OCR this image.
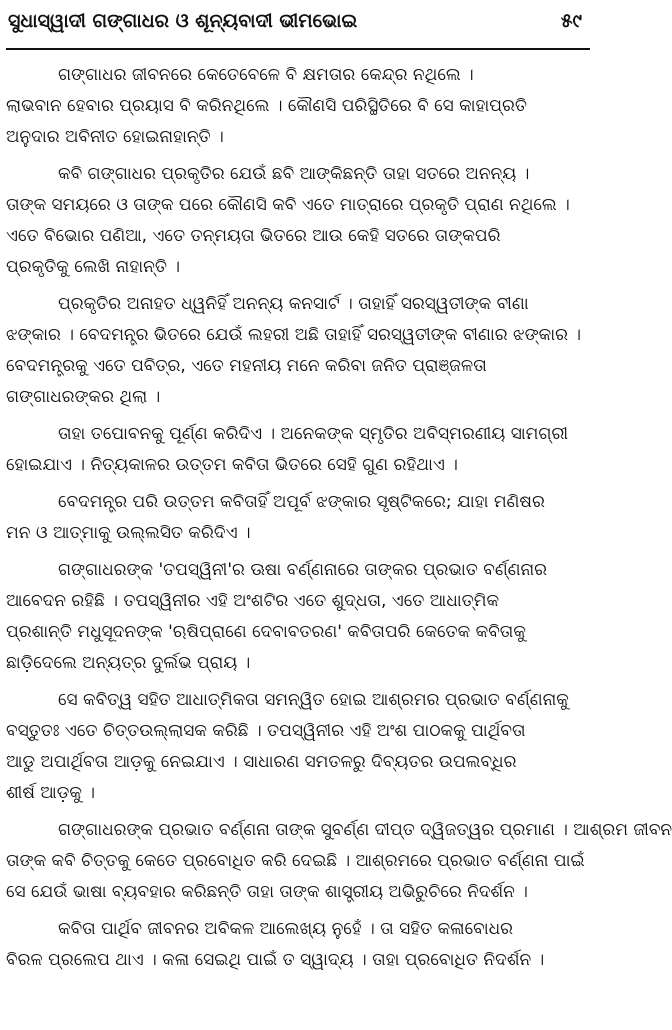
ସୁଧାସ୍ୱାଦୀ ଗଙ୍ଗାଧର ଓ ଶୂନ୍ୟବାଦୀ ଭୀମଭୋଇ	୫୯
ଗଙ୍ଗାଧର ଜୀବନରେ କେତେବେଳେ ବି କ୍ଷମତାର କେନ୍ଦ୍ର ନଥିଲେ ।
ଲାଭବାନ ହେବାର ପ୍ରୟାସ ବି କରିନଥିଲେ । କୌଣସି ପରିସ୍ଥିତିରେ ବି ସେ କାହାପ୍ରତି
ଅନୁଦାର ଅବିନୀତ ହୋଇନାହାନ୍ତି ।
କବି ଗଙ୍ଗାଧର ପ୍ରକୃତିର ଯେଉଁ ଛବି ଆଙ୍କିଛନ୍ତି ତାହା ସତରେ ଅନନ୍ୟ ।
ତାଙ୍କ ସମୟରେ ଓ ତାଙ୍କ ପରେ କୌଣସି କବି ଏତେ ମାତ୍ରାରେ ପ୍ରକୃତି ପ୍ରାଣ ନଥିଲେ ।
ଏତେ ବିଭୋର ପଣିଆ, ଏତେ ତନ୍ମୟତା ଭିତରେ ଆଉ କେହି ସତରେ ତାଙ୍କପରି
ପ୍ରକୃତିକୁ ଲେଖି ନାହାନ୍ତି ।
ପ୍ରକୃତିର ଅନାହତ ଧ୍ୱନିହିଁ ଅନନ୍ୟ କନସାର୍ଟ । ତାହାହିଁ ସରସ୍ୱତୀଙ୍କ ବୀଣା
ଝଙ୍କାର । ବେଦମନ୍ତ୍ର ଭିତରେ ଯେଉଁ ଲହରୀ ଅଛି ତାହାହିଁ ସରସ୍ୱତୀଙ୍କ ବୀଣାର ଝଙ୍କାର ।
ବେଦମନ୍ତ୍ରକୁ ଏତେ ପବିତ୍ର, ଏତେ ମହନୀୟ ମନେ କରିବା ଜନିତ ପ୍ରାଞ୍ଜଳତା
ଗଙ୍ଗାଧରଙ୍କର ଥିଲା ।
ତାହା ତପୋବନକୁ ପୂର୍ଣ୍ଣ କରିଦିଏ । ଅନେକଙ୍କ ସ୍ମୃତିର ଅବିସ୍ମରଣୀୟ ସାମଗ୍ରୀ
ହୋଇଯାଏ । ନିତ୍ୟକାଳର ଉତ୍ତମ କବିତା ଭିତରେ ସେହି ଗୁଣ ରହିଥାଏ ।
ବେଦମନ୍ତ୍ର ପରି ଉତ୍ତମ କବିତାହିଁ ଅପୂର୍ବ ଝଙ୍କାର ସୃଷ୍ଟିକରେ; ଯାହା ମଣିଷର
ମନ ଓ ଆତ୍ମାକୁ ଉଲ୍ଲସିତ କରିଦିଏ ।
ଗଙ୍ଗାଧରଙ୍କ 'ତପସ୍ୱିନୀ'ର ଊଷା ବର୍ଣ୍ଣନାରେ ତାଙ୍କର ପ୍ରଭାତ ବର୍ଣ୍ଣନାର
ଆବେଦନ ରହିଛି । ତପସ୍ୱିନୀର ଏହି ଅଂଶଟିର ଏତେ ଶୁଦ୍ଧତା, ଏତେ ଆଧାତ୍ମିକ
ପ୍ରଶାନ୍ତି ମଧୁସୂଦନଙ୍କ 'ଋଷିପ୍ରାଣେ ଦେବାବତରଣ' କବିତାପରି କେତେକ କବିତାକୁ
ଛାଡ଼ିଦେଲେ ଅନ୍ୟତ୍ର ଦୁର୍ଲଭ ପ୍ରାୟ ।
ସେ କବିତ୍ୱ ସହିତ ଆଧାତ୍ମିକତା ସମନ୍ୱିତ ହୋଇ ଆଶ୍ରମର ପ୍ରଭାତ ବର୍ଣ୍ଣନାକୁ
ବସ୍ତୁତଃ ଏତେ ଚିତ୍ତଉଲ୍ଲାସକ କରିଛି । ତପସ୍ୱିନୀର ଏହି ଅଂଶ ପାଠକକୁ ପାର୍ଥିବତା
ଆଡୁ ଅପାର୍ଥିବତା ଆଡ଼କୁ ନେଇଯାଏ । ସାଧାରଣ ସମତଳରୁ ଦିବ୍ୟତର ଉପଲବ୍ଧିର
ଶୀର୍ଷ ଆଡ଼କୁ ।
ଗଙ୍ଗାଧରଙ୍କ ପ୍ରଭାତ ବର୍ଣ୍ଣନା ତାଙ୍କ ସୁବର୍ଣ୍ଣ ଦୀପ୍ତ ଦ୍ୱିଜତ୍ୱର ପ୍ରମାଣ । ଆଶ୍ରମ ଜୀବନ
ତାଙ୍କ କବି ଚିତ୍ତକୁ କେତେ ପ୍ରବୋଧିତ କରି ଦେଇଛି । ଆଶ୍ରମରେ ପ୍ରଭାତ ବର୍ଣ୍ଣନା ପାଇଁ
ସେ ଯେଉଁ ଭାଷା ବ୍ୟବହାର କରିଛନ୍ତି ତାହା ତାଙ୍କ ଶାସ୍ତ୍ରୀୟ ଅଭିରୁଚିରେ ନିଦର୍ଶନ ।
କବିତା ପାର୍ଥିବ ଜୀବନର ଅବିକଳ ଆଲେଖ୍ୟ ନୁହେଁ । ତା ସହିତ କଳାବୋଧର
ବିରଳ ପ୍ରଲେପ ଥାଏ । କଳା ସେଇଥି ପାଇଁ ତ ସ୍ୱାଦ୍ୟ । ତାହା ପ୍ରବୋଧିତ ନିଦର୍ଶନ ।
